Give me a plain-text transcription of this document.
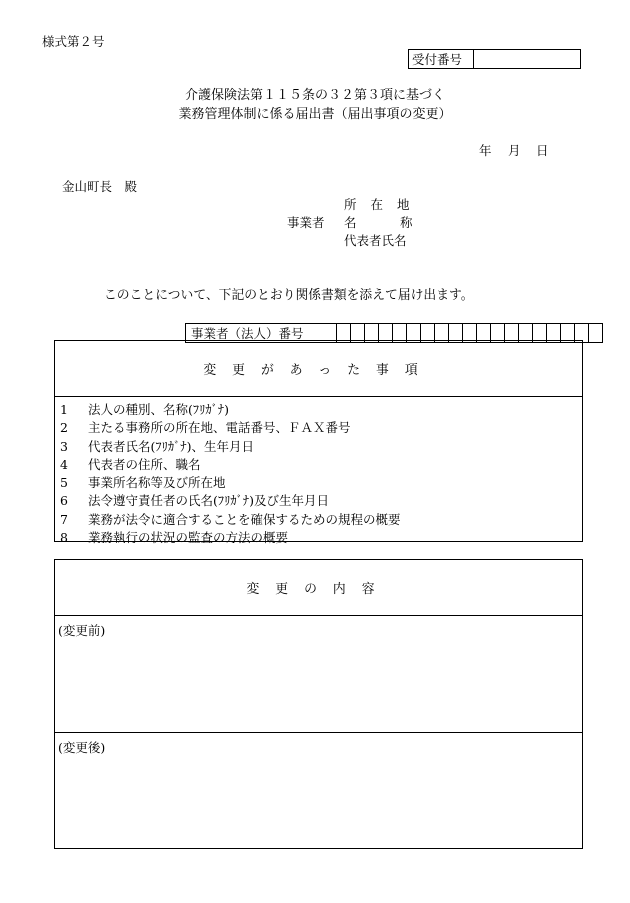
様式第２号
受付番号	
介護保険法第１１５条の３２第３項に基づく
業務管理体制に係る届出書（届出事項の変更）
年 月 日
金山町長　殿
所在地
事業者 名	称
代表者氏名
このことについて、下記のとおり関係書類を添えて届け出ます。
事業者（法人）番号																			
変更があった事項
1 法人の種別、名称(ﾌﾘｶﾞﾅ)
2 主たる事務所の所在地、電話番号、ＦＡＸ番号
3 代表者氏名(ﾌﾘｶﾞﾅ)、生年月日
4 代表者の住所、職名
5 事業所名称等及び所在地
6 法令遵守責任者の氏名(ﾌﾘｶﾞﾅ)及び生年月日
7 業務が法令に適合することを確保するための規程の概要
8 業務執行の状況の監査の方法の概要
変更の内容
(変更前)
(変更後)
